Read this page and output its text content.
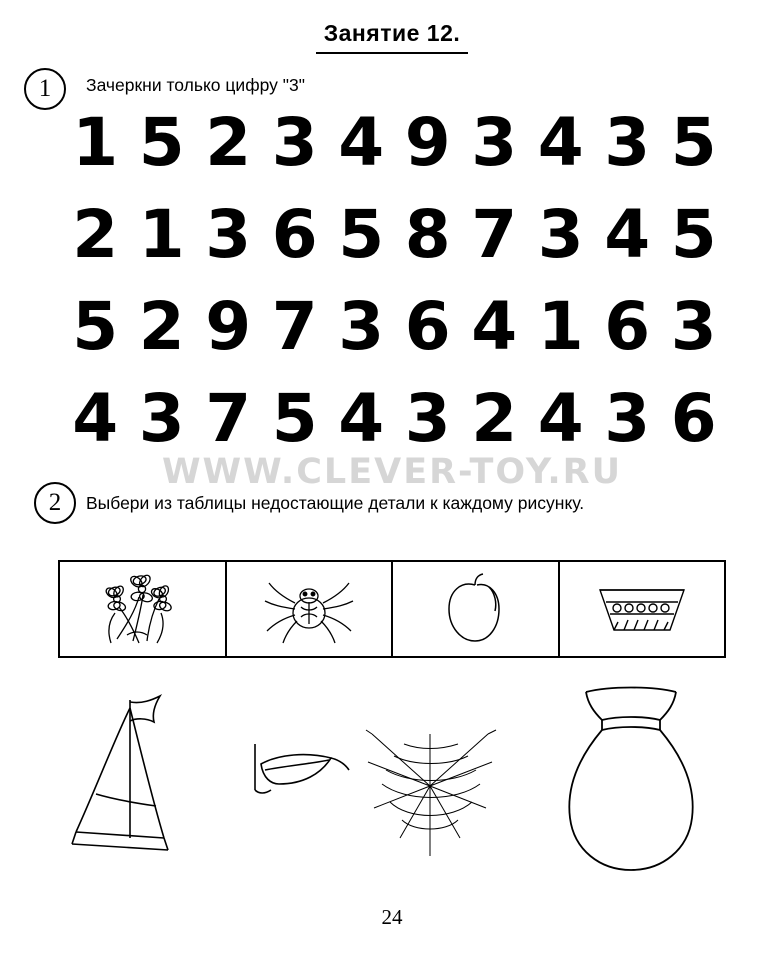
Занятие 12.
1	Зачеркни только цифру "3"
1 5 2 3 4 9 3 4 3 5
2 1 3 6 5 8 7 3 4 5
5 2 9 7 3 6 4 1 6 3
4 3 7 5 4 3 2 4 3 6
WWW.CLEVER-TOY.RU
2	Выбери из таблицы недостающие детали к каждому рисунку.
24
